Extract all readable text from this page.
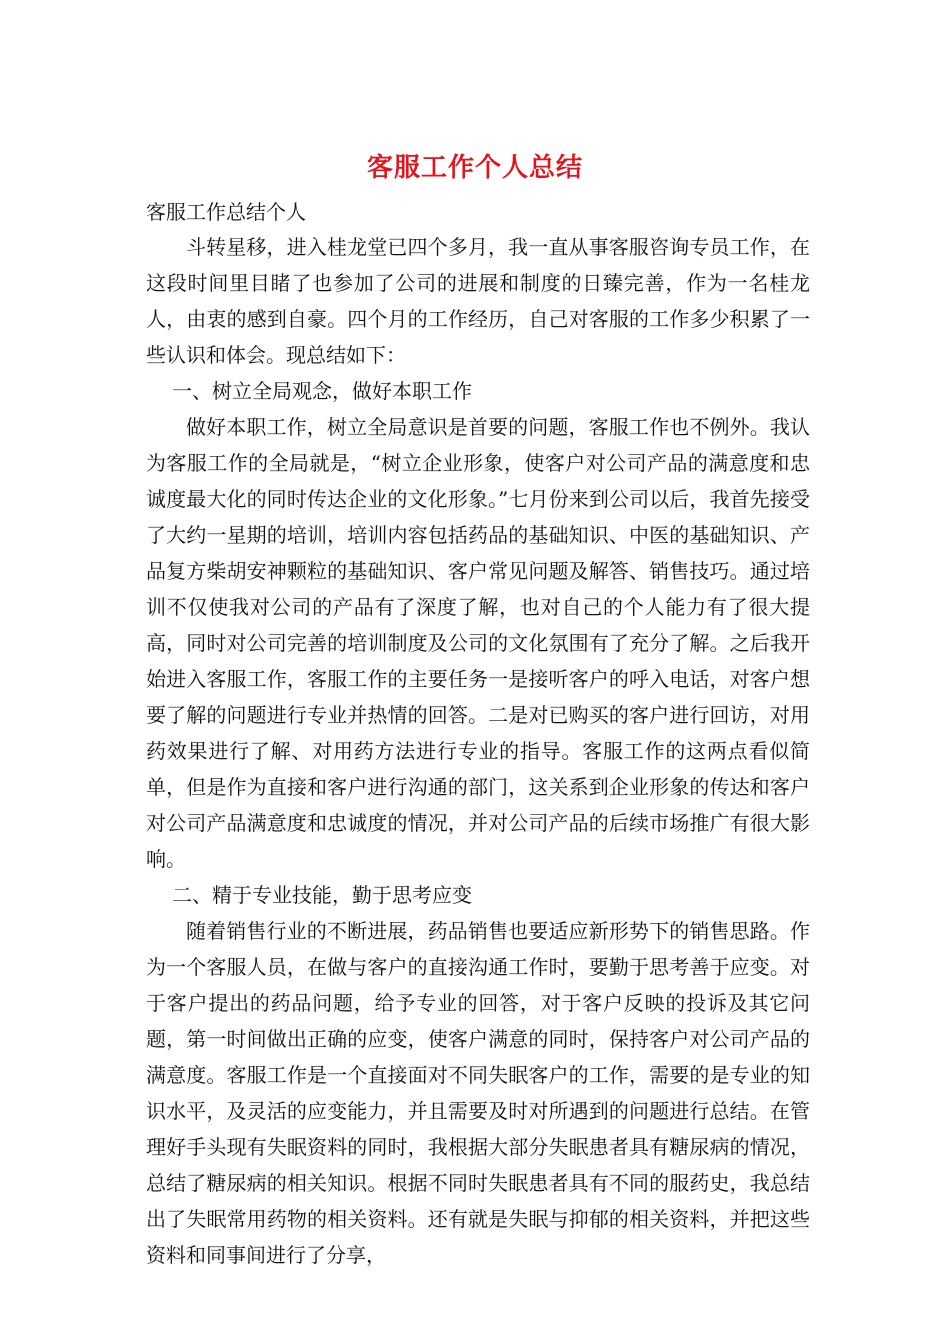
客服工作个人总结
客服工作总结个人

斗转星移，进入桂龙堂已四个多月，我一直从事客服咨询专员工作，在这段时间里目睹了也参加了公司的进展和制度的日臻完善，作为一名桂龙人，由衷的感到自豪。四个月的工作经历，自己对客服的工作多少积累了一些认识和体会。现总结如下：

一、树立全局观念，做好本职工作

做好本职工作，树立全局意识是首要的问题，客服工作也不例外。我认为客服工作的全局就是，“树立企业形象，使客户对公司产品的满意度和忠诚度最大化的同时传达企业的文化形象。”七月份来到公司以后，我首先接受了大约一星期的培训，培训内容包括药品的基础知识、中医的基础知识、产品复方柴胡安神颗粒的基础知识、客户常见问题及解答、销售技巧。通过培训不仅使我对公司的产品有了深度了解，也对自己的个人能力有了很大提高，同时对公司完善的培训制度及公司的文化氛围有了充分了解。之后我开始进入客服工作，客服工作的主要任务一是接听客户的呼入电话，对客户想要了解的问题进行专业并热情的回答。二是对已购买的客户进行回访，对用药效果进行了解、对用药方法进行专业的指导。客服工作的这两点看似简单，但是作为直接和客户进行沟通的部门，这关系到企业形象的传达和客户对公司产品满意度和忠诚度的情况，并对公司产品的后续市场推广有很大影响。

二、精于专业技能，勤于思考应变

随着销售行业的不断进展，药品销售也要适应新形势下的销售思路。作为一个客服人员，在做与客户的直接沟通工作时，要勤于思考善于应变。对于客户提出的药品问题，给予专业的回答，对于客户反映的投诉及其它问题，第一时间做出正确的应变，使客户满意的同时，保持客户对公司产品的满意度。客服工作是一个直接面对不同失眠客户的工作，需要的是专业的知识水平，及灵活的应变能力，并且需要及时对所遇到的问题进行总结。在管理好手头现有失眠资料的同时，我根据大部分失眠患者具有糖尿病的情况，总结了糖尿病的相关知识。根据不同时失眠患者具有不同的服药史，我总结出了失眠常用药物的相关资料。还有就是失眠与抑郁的相关资料，并把这些资料和同事间进行了分享，
